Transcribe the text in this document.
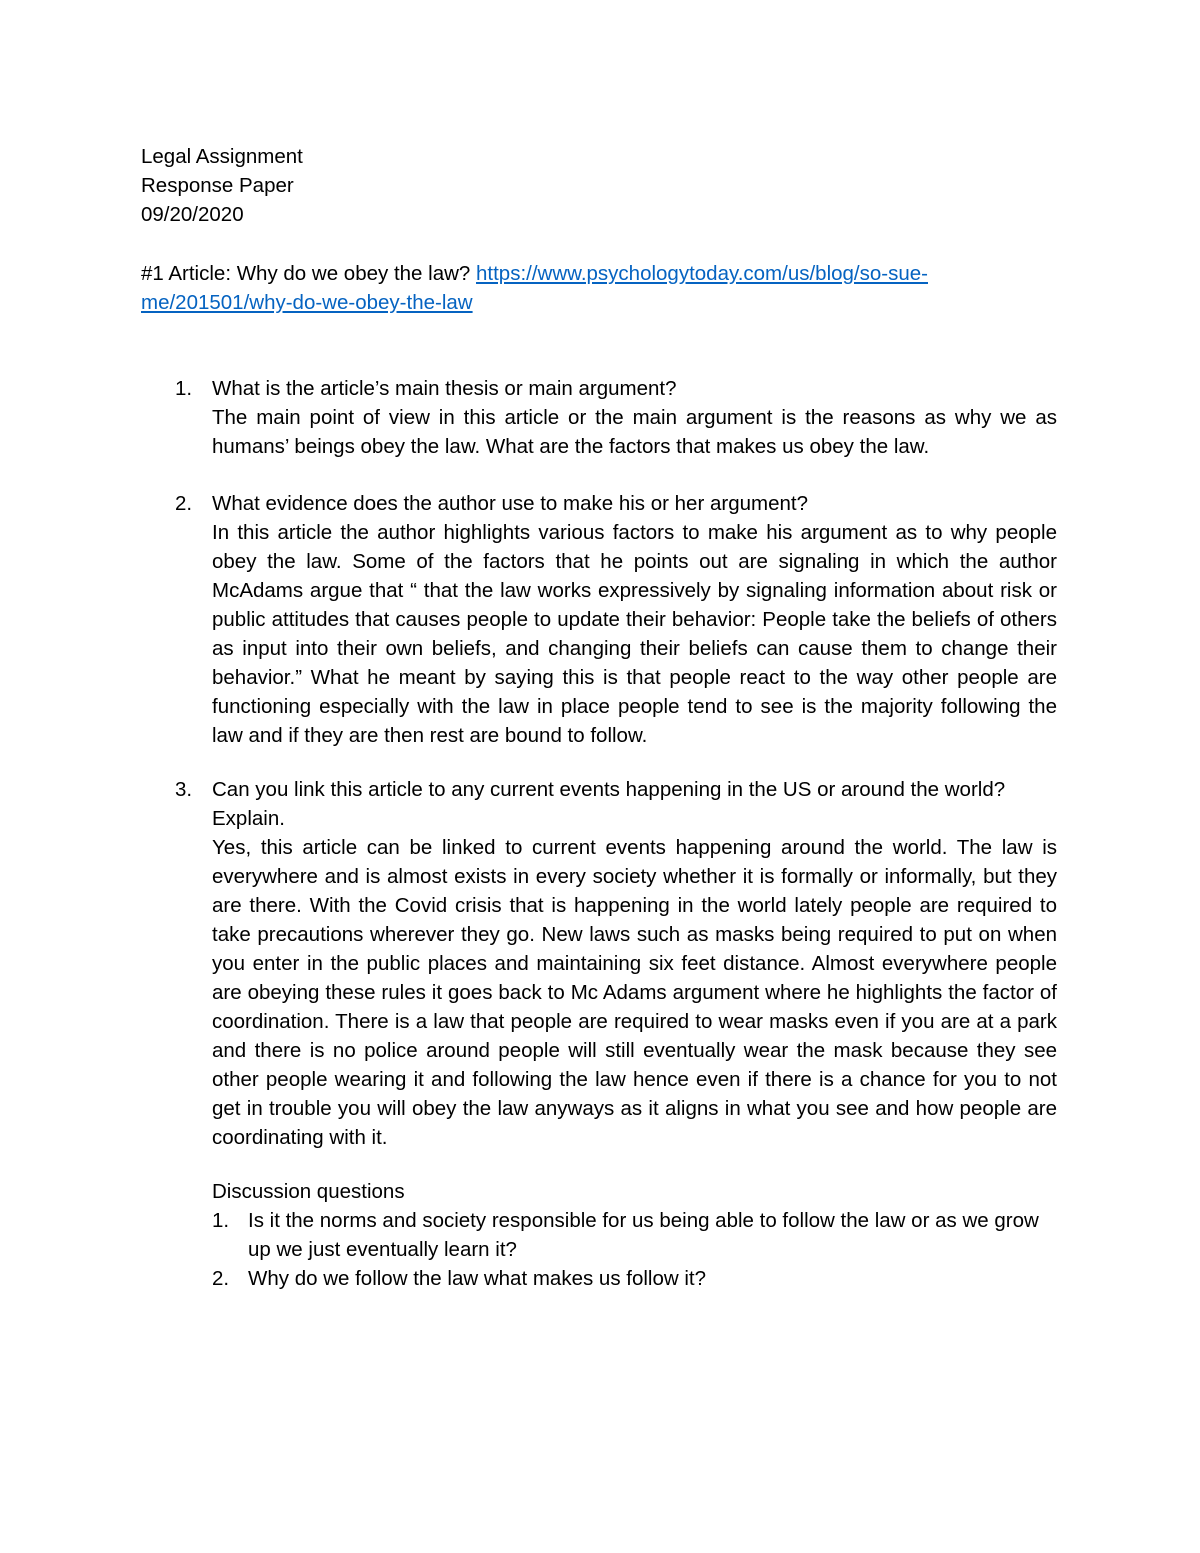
Legal Assignment
Response Paper
09/20/2020
#1 Article: Why do we obey the law? https://www.psychologytoday.com/us/blog/so-sue-
me/201501/why-do-we-obey-the-law
1. What is the article’s main thesis or main argument?
The main point of view in this article or the main argument is the reasons as why we as humans’ beings obey the law. What are the factors that makes us obey the law.
2. What evidence does the author use to make his or her argument?
In this article the author highlights various factors to make his argument as to why people obey the law. Some of the factors that he points out are signaling in which the author McAdams argue that “ that the law works expressively by signaling information about risk or public attitudes that causes people to update their behavior: People take the beliefs of others as input into their own beliefs, and changing their beliefs can cause them to change their behavior.” What he meant by saying this is that people react to the way other people are functioning especially with the law in place people tend to see is the majority following the law and if they are then rest are bound to follow.
3. Can you link this article to any current events happening in the US or around the world? Explain.
Yes, this article can be linked to current events happening around the world. The law is everywhere and is almost exists in every society whether it is formally or informally, but they are there. With the Covid crisis that is happening in the world lately people are required to take precautions wherever they go. New laws such as masks being required to put on when you enter in the public places and maintaining six feet distance. Almost everywhere people are obeying these rules it goes back to Mc Adams argument where he highlights the factor of coordination. There is a law that people are required to wear masks even if you are at a park and there is no police around people will still eventually wear the mask because they see other people wearing it and following the law hence even if there is a chance for you to not get in trouble you will obey the law anyways as it aligns in what you see and how people are coordinating with it.
Discussion questions
1. Is it the norms and society responsible for us being able to follow the law or as we grow up we just eventually learn it?
2. Why do we follow the law what makes us follow it?
